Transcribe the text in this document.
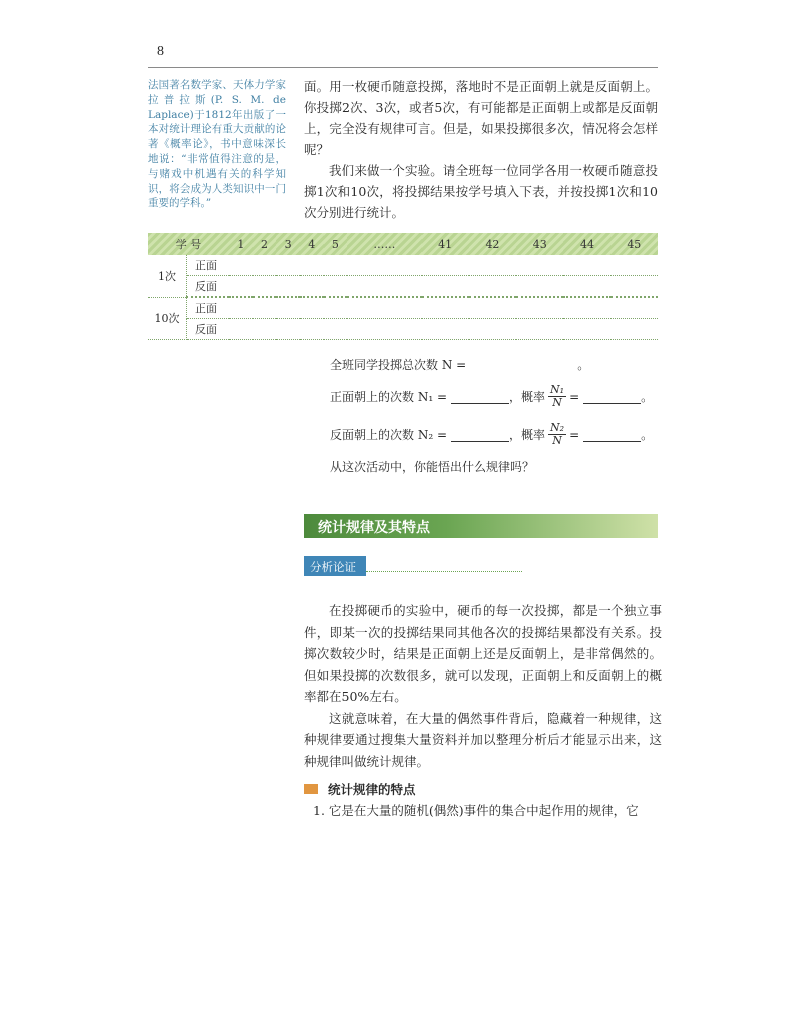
8
法国著名数学家、天体力学家拉普拉斯(P. S. M. de Laplace)于1812年出版了一本对统计理论有重大贡献的论著《概率论》，书中意味深长地说：“非常值得注意的是，与赌戏中机遇有关的科学知识，将会成为人类知识中一门重要的学科。”

面。用一枚硬币随意投掷，落地时不是正面朝上就是反面朝上。你投掷2次、3次，或者5次，有可能都是正面朝上或都是反面朝上，完全没有规律可言。但是，如果投掷很多次，情况将会怎样呢？

我们来做一个实验。请全班每一位同学各用一枚硬币随意投掷1次和10次，将投掷结果按学号填入下表，并按投掷1次和10次分别进行统计。

学 号		1	2	3	4	5	……	41	42	43	44	45
1次	正面											
	反面											
10次	正面											
	反面											
全班同学投掷总次数 N =	。
正面朝上的次数 N₁ =	，概率 $\frac{\text{N₁}}{N}$ =	。
反面朝上的次数 N₂ =	，概率 $\frac{\text{N₂}}{N}$ =	。
从这次活动中，你能悟出什么规律吗？
统计规律及其特点
分析论证

在投掷硬币的实验中，硬币的每一次投掷，都是一个独立事件，即某一次的投掷结果同其他各次的投掷结果都没有关系。投掷次数较少时，结果是正面朝上还是反面朝上，是非常偶然的。但如果投掷的次数很多，就可以发现，正面朝上和反面朝上的概率都在50%左右。

这就意味着，在大量的偶然事件背后，隐藏着一种规律，这种规律要通过搜集大量资料并加以整理分析后才能显示出来，这种规律叫做统计规律。

统计规律的特点
1. 它是在大量的随机(偶然)事件的集合中起作用的规律，它
